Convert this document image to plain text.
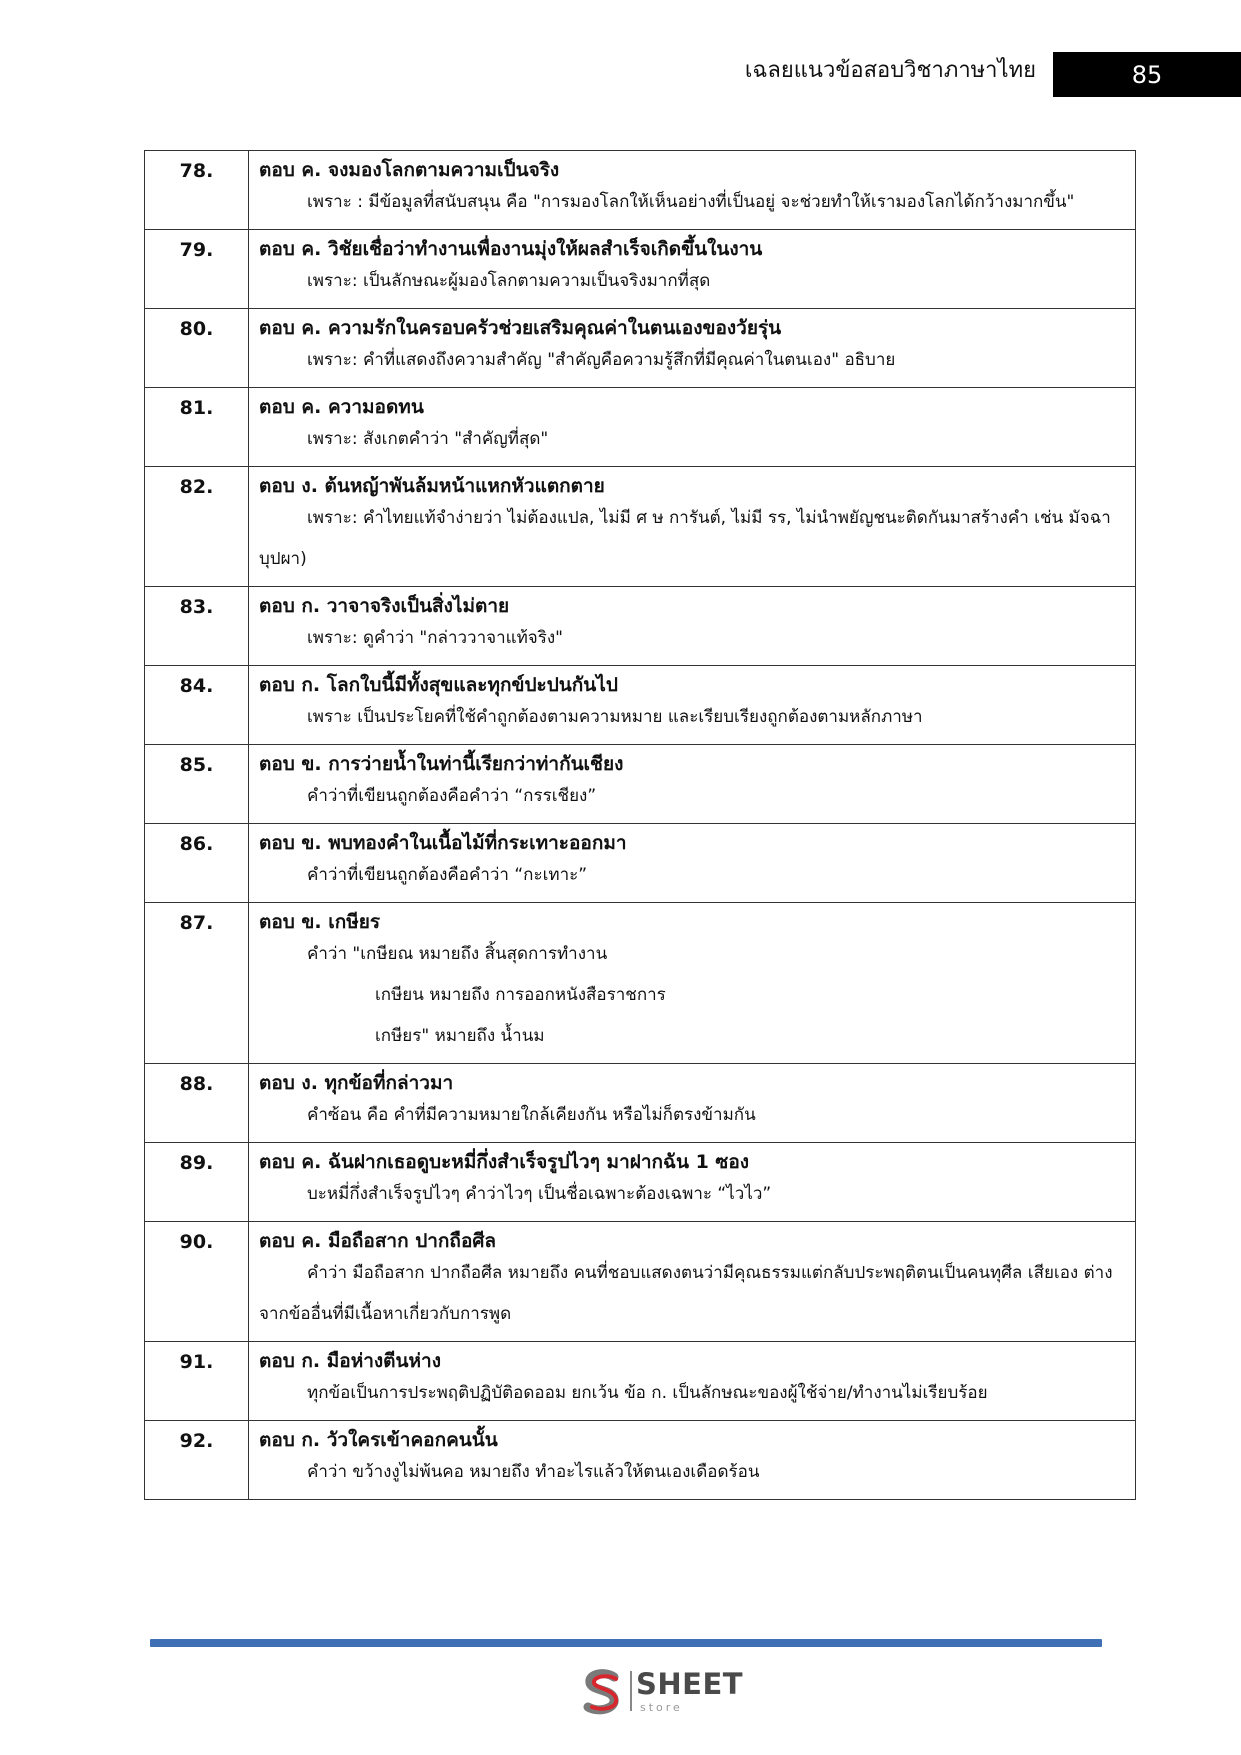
เฉลยแนวข้อสอบวิชาภาษาไทย	85
78.	ตอบ ค. จงมองโลกตามความเป็นจริง
เพราะ : มีข้อมูลที่สนับสนุน คือ "การมองโลกให้เห็นอย่างที่เป็นอยู่ จะช่วยทำให้เรามองโลกได้กว้างมากขึ้น"

79.	ตอบ ค. วิชัยเชื่อว่าทำงานเพื่องานมุ่งให้ผลสำเร็จเกิดขึ้นในงาน
เพราะ: เป็นลักษณะผู้มองโลกตามความเป็นจริงมากที่สุด

80.	ตอบ ค. ความรักในครอบครัวช่วยเสริมคุณค่าในตนเองของวัยรุ่น
เพราะ: คำที่แสดงถึงความสำคัญ "สำคัญคือความรู้สึกที่มีคุณค่าในตนเอง" อธิบาย

81.	ตอบ ค. ความอดทน
เพราะ: สังเกตคำว่า "สำคัญที่สุด"

82.	ตอบ ง. ต้นหญ้าพันล้มหน้าแหกหัวแตกตาย
เพราะ: คำไทยแท้จำง่ายว่า ไม่ต้องแปล, ไม่มี ศ ษ การันต์, ไม่มี รร, ไม่นำพยัญชนะติดกันมาสร้างคำ เช่น มัจฉา บุปผา)

83.	ตอบ ก. วาจาจริงเป็นสิ่งไม่ตาย
เพราะ: ดูคำว่า "กล่าววาจาแท้จริง"

84.	ตอบ ก. โลกใบนี้มีทั้งสุขและทุกข์ปะปนกันไป
เพราะ เป็นประโยคที่ใช้คำถูกต้องตามความหมาย และเรียบเรียงถูกต้องตามหลักภาษา

85.	ตอบ ข. การว่ายน้ำในท่านี้เรียกว่าท่ากันเชียง
คำว่าที่เขียนถูกต้องคือคำว่า “กรรเชียง”

86.	ตอบ ข. พบทองคำในเนื้อไม้ที่กระเทาะออกมา
คำว่าที่เขียนถูกต้องคือคำว่า “กะเทาะ”

87.	ตอบ ข. เกษียร
คำว่า "เกษียณ หมายถึง สิ้นสุดการทำงาน
เกษียน หมายถึง การออกหนังสือราชการ
เกษียร" หมายถึง น้ำนม

88.	ตอบ ง. ทุกข้อที่กล่าวมา
คำซ้อน คือ คำที่มีความหมายใกล้เคียงกัน หรือไม่ก็ตรงข้ามกัน

89.	ตอบ ค. ฉันฝากเธอดูบะหมี่กึ่งสำเร็จรูปไวๆ มาฝากฉัน 1 ซอง
บะหมี่กึ่งสำเร็จรูปไวๆ คำว่าไวๆ เป็นชื่อเฉพาะต้องเฉพาะ “ไวไว”

90.	ตอบ ค. มือถือสาก ปากถือศีล
คำว่า มือถือสาก ปากถือศีล หมายถึง คนที่ชอบแสดงตนว่ามีคุณธรรมแต่กลับประพฤติตนเป็นคนทุศีล เสียเอง ต่างจากข้ออื่นที่มีเนื้อหาเกี่ยวกับการพูด

91.	ตอบ ก. มือห่างตีนห่าง
ทุกข้อเป็นการประพฤติปฏิบัติอดออม ยกเว้น ข้อ ก. เป็นลักษณะของผู้ใช้จ่าย/ทำงานไม่เรียบร้อย

92.	ตอบ ก. วัวใครเข้าคอกคนนั้น
คำว่า ขว้างงูไม่พ้นคอ หมายถึง ทำอะไรแล้วให้ตนเองเดือดร้อน
SHEET
store
